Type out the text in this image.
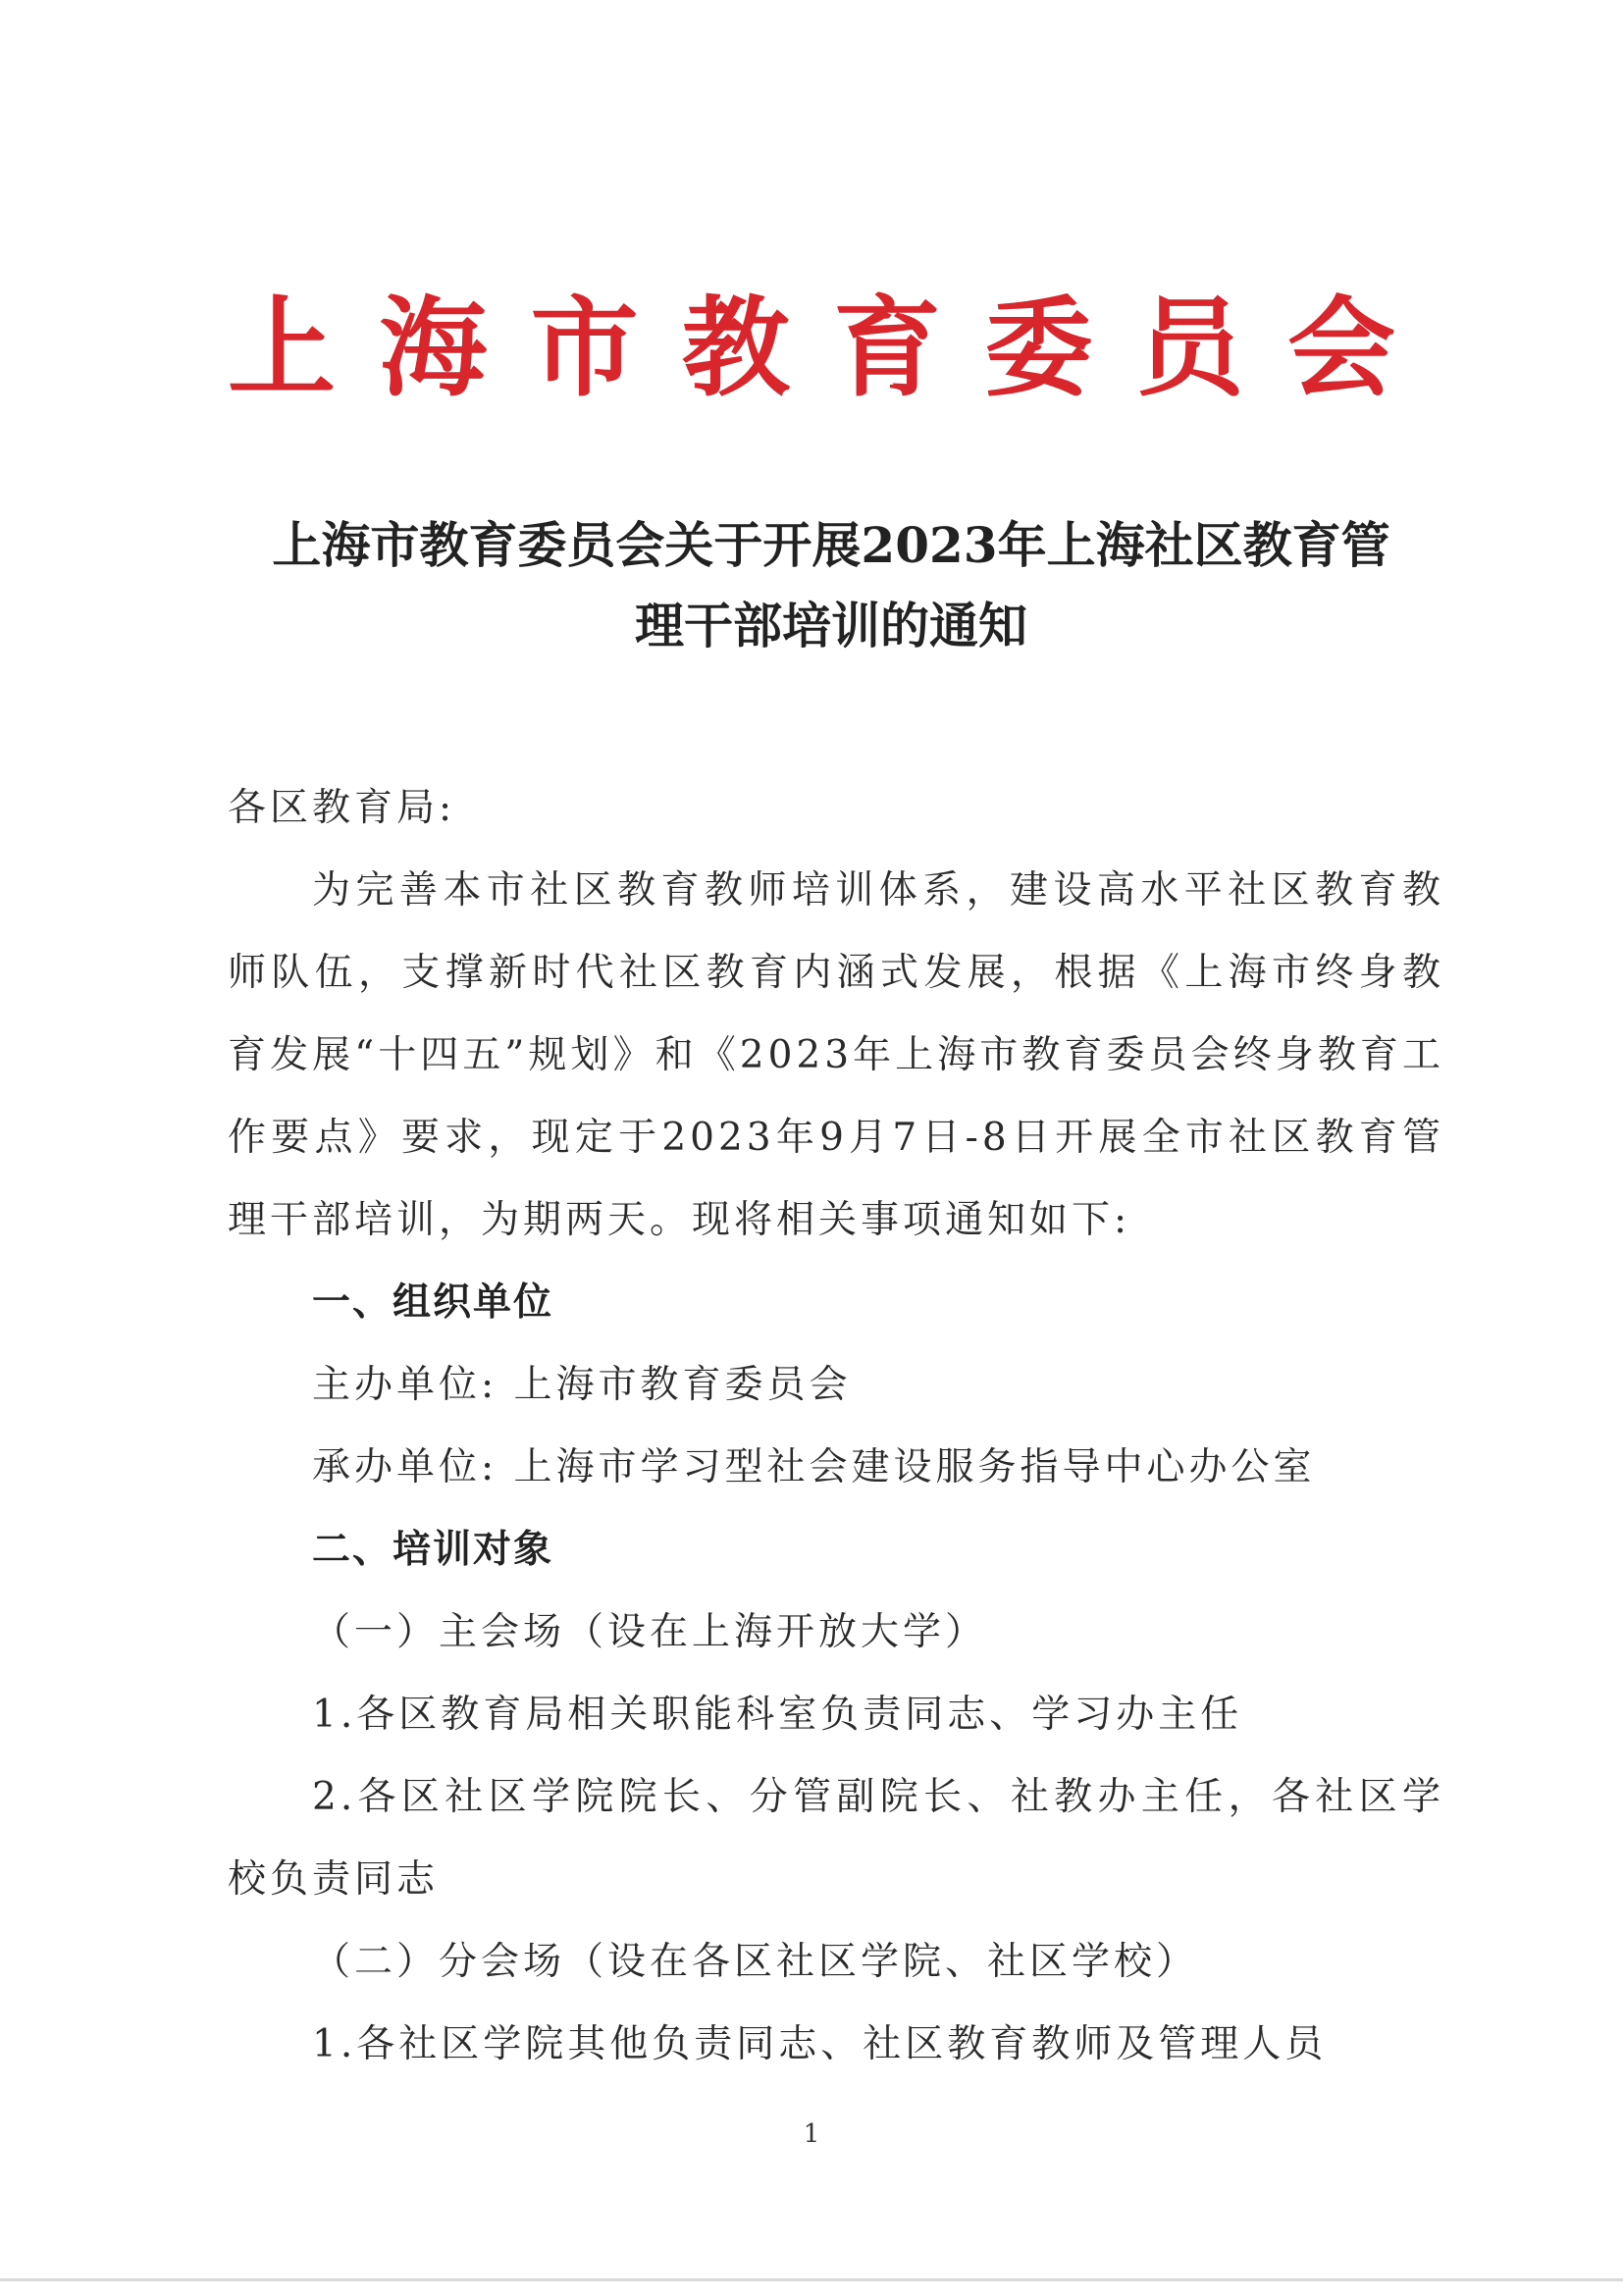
上 海 市 教 育 委 员 会
上海市教育委员会关于开展2023年上海社区教育管
理干部培训的通知

各区教育局:

为完善本市社区教育教师培训体系，建设高水平社区教育教师队伍，支撑新时代社区教育内涵式发展，根据《上海市终身教育发展“十四五”规划》和《2023年上海市教育委员会终身教育工作要点》要求，现定于2023年9月7日-8日开展全市社区教育管理干部培训，为期两天。现将相关事项通知如下:

一、组织单位

主办单位: 上海市教育委员会

承办单位: 上海市学习型社会建设服务指导中心办公室

二、培训对象

（一）主会场（设在上海开放大学）

1.各区教育局相关职能科室负责同志、学习办主任

2.各区社区学院院长、分管副院长、社教办主任，各社区学校负责同志

（二）分会场（设在各区社区学院、社区学校）

1.各社区学院其他负责同志、社区教育教师及管理人员

1
